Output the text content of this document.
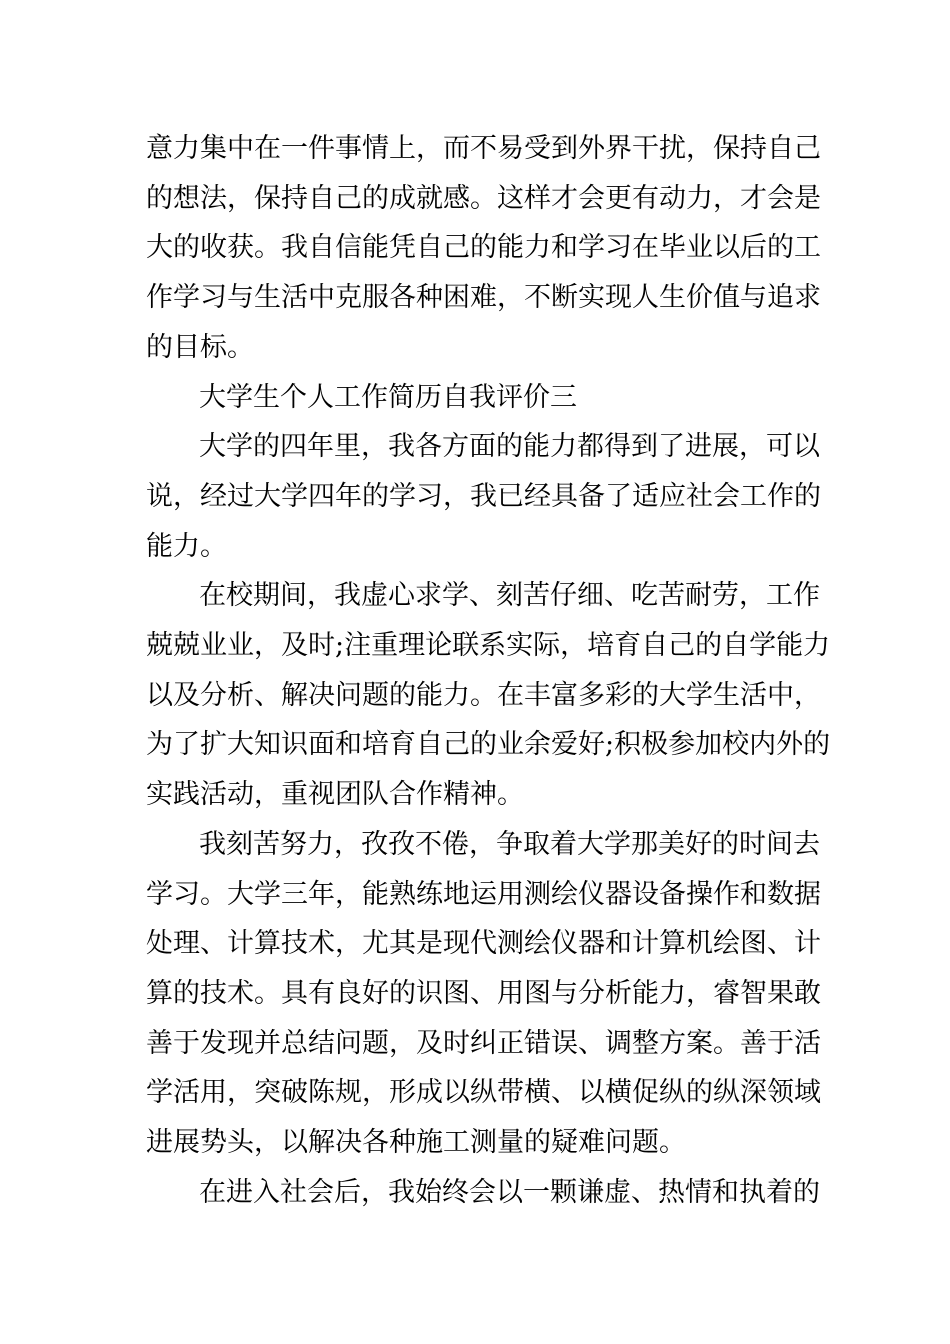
意力集中在一件事情上，而不易受到外界干扰，保持自己
的想法，保持自己的成就感。这样才会更有动力，才会是
大的收获。我自信能凭自己的能力和学习在毕业以后的工
作学习与生活中克服各种困难，不断实现人生价值与追求
的目标。
大学生个人工作简历自我评价三
大学的四年里，我各方面的能力都得到了进展，可以
说，经过大学四年的学习，我已经具备了适应社会工作的
能力。
在校期间，我虚心求学、刻苦仔细、吃苦耐劳，工作
兢兢业业，及时;注重理论联系实际，培育自己的自学能力
以及分析、解决问题的能力。在丰富多彩的大学生活中，
为了扩大知识面和培育自己的业余爱好;积极参加校内外的
实践活动，重视团队合作精神。
我刻苦努力，孜孜不倦，争取着大学那美好的时间去
学习。大学三年，能熟练地运用测绘仪器设备操作和数据
处理、计算技术，尤其是现代测绘仪器和计算机绘图、计
算的技术。具有良好的识图、用图与分析能力，睿智果敢
善于发现并总结问题，及时纠正错误、调整方案。善于活
学活用，突破陈规，形成以纵带横、以横促纵的纵深领域
进展势头，以解决各种施工测量的疑难问题。
在进入社会后，我始终会以一颗谦虚、热情和执着的
